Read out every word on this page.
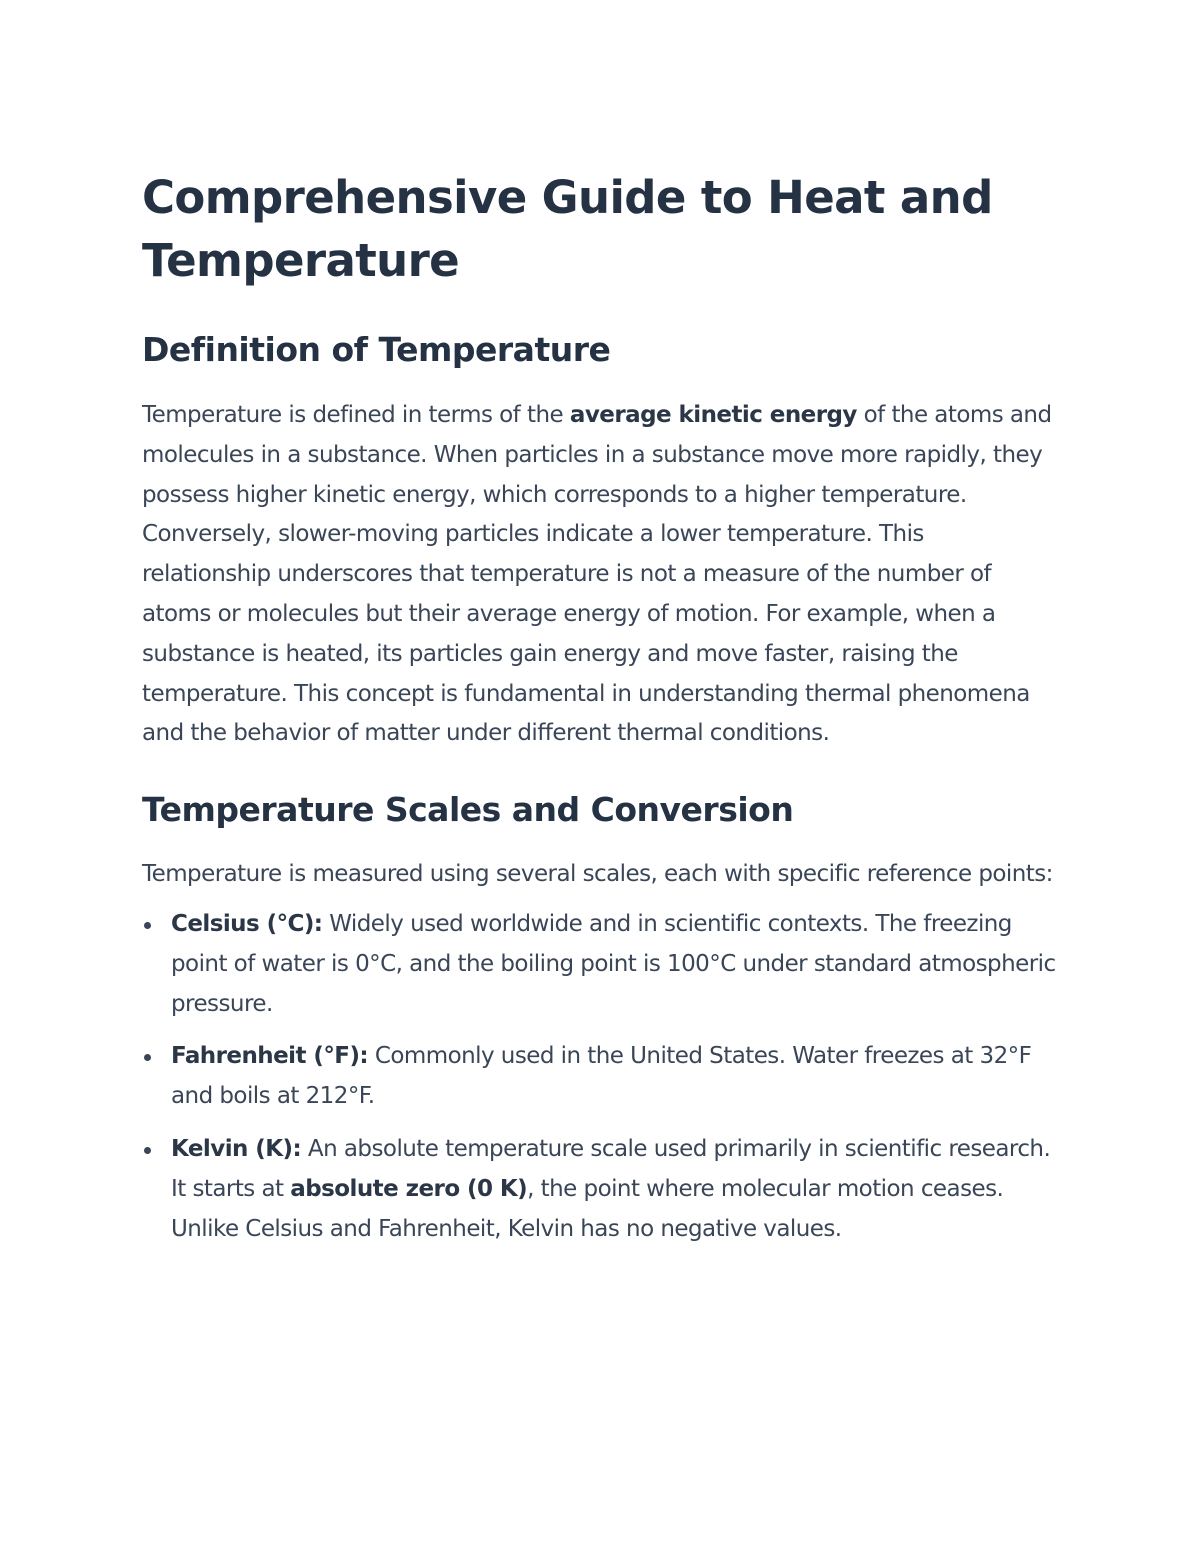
Comprehensive Guide to Heat and Temperature
Definition of Temperature

Temperature is defined in terms of the average kinetic energy of the atoms and molecules in a substance. When particles in a substance move more rapidly, they possess higher kinetic energy, which corresponds to a higher temperature. Conversely, slower-moving particles indicate a lower temperature. This relationship underscores that temperature is not a measure of the number of atoms or molecules but their average energy of motion. For example, when a substance is heated, its particles gain energy and move faster, raising the temperature. This concept is fundamental in understanding thermal phenomena and the behavior of matter under different thermal conditions.

Temperature Scales and Conversion

Temperature is measured using several scales, each with specific reference points:

Celsius (°C): Widely used worldwide and in scientific contexts. The freezing point of water is 0°C, and the boiling point is 100°C under standard atmospheric pressure.
Fahrenheit (°F): Commonly used in the United States. Water freezes at 32°F and boils at 212°F.
Kelvin (K): An absolute temperature scale used primarily in scientific research. It starts at absolute zero (0 K), the point where molecular motion ceases. Unlike Celsius and Fahrenheit, Kelvin has no negative values.
